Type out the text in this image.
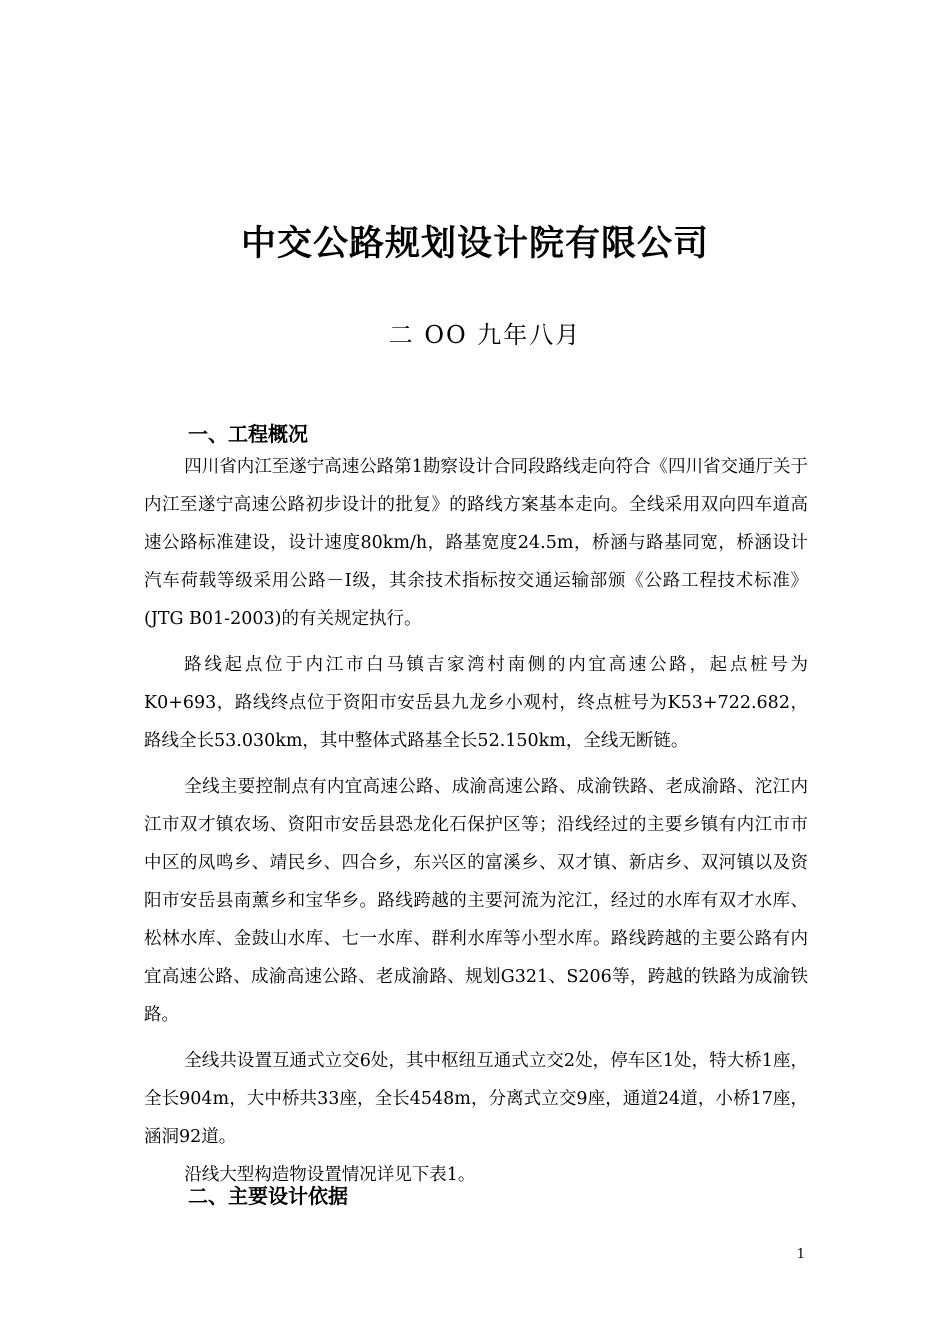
中交公路规划设计院有限公司
二 OO 九年八月
一、工程概况

四川省内江至遂宁高速公路第1勘察设计合同段路线走向符合《四川省交通厅关于内江至遂宁高速公路初步设计的批复》的路线方案基本走向。全线采用双向四车道高速公路标准建设，设计速度80km/h，路基宽度24.5m，桥涵与路基同宽，桥涵设计汽车荷载等级采用公路－Ⅰ级，其余技术指标按交通运输部颁《公路工程技术标准》(JTG B01-2003)的有关规定执行。

路线起点位于内江市白马镇吉家湾村南侧的内宜高速公路，起点桩号为K0+693，路线终点位于资阳市安岳县九龙乡小观村，终点桩号为K53+722.682，路线全长53.030km，其中整体式路基全长52.150km，全线无断链。

全线主要控制点有内宜高速公路、成渝高速公路、成渝铁路、老成渝路、沱江内江市双才镇农场、资阳市安岳县恐龙化石保护区等；沿线经过的主要乡镇有内江市市中区的凤鸣乡、靖民乡、四合乡，东兴区的富溪乡、双才镇、新店乡、双河镇以及资阳市安岳县南薰乡和宝华乡。路线跨越的主要河流为沱江，经过的水库有双才水库、松林水库、金鼓山水库、七一水库、群利水库等小型水库。路线跨越的主要公路有内宜高速公路、成渝高速公路、老成渝路、规划G321、S206等，跨越的铁路为成渝铁路。

全线共设置互通式立交6处，其中枢纽互通式立交2处，停车区1处，特大桥1座，全长904m，大中桥共33座，全长4548m，分离式立交9座，通道24道，小桥17座，涵洞92道。

沿线大型构造物设置情况详见下表1。

二、主要设计依据
1
